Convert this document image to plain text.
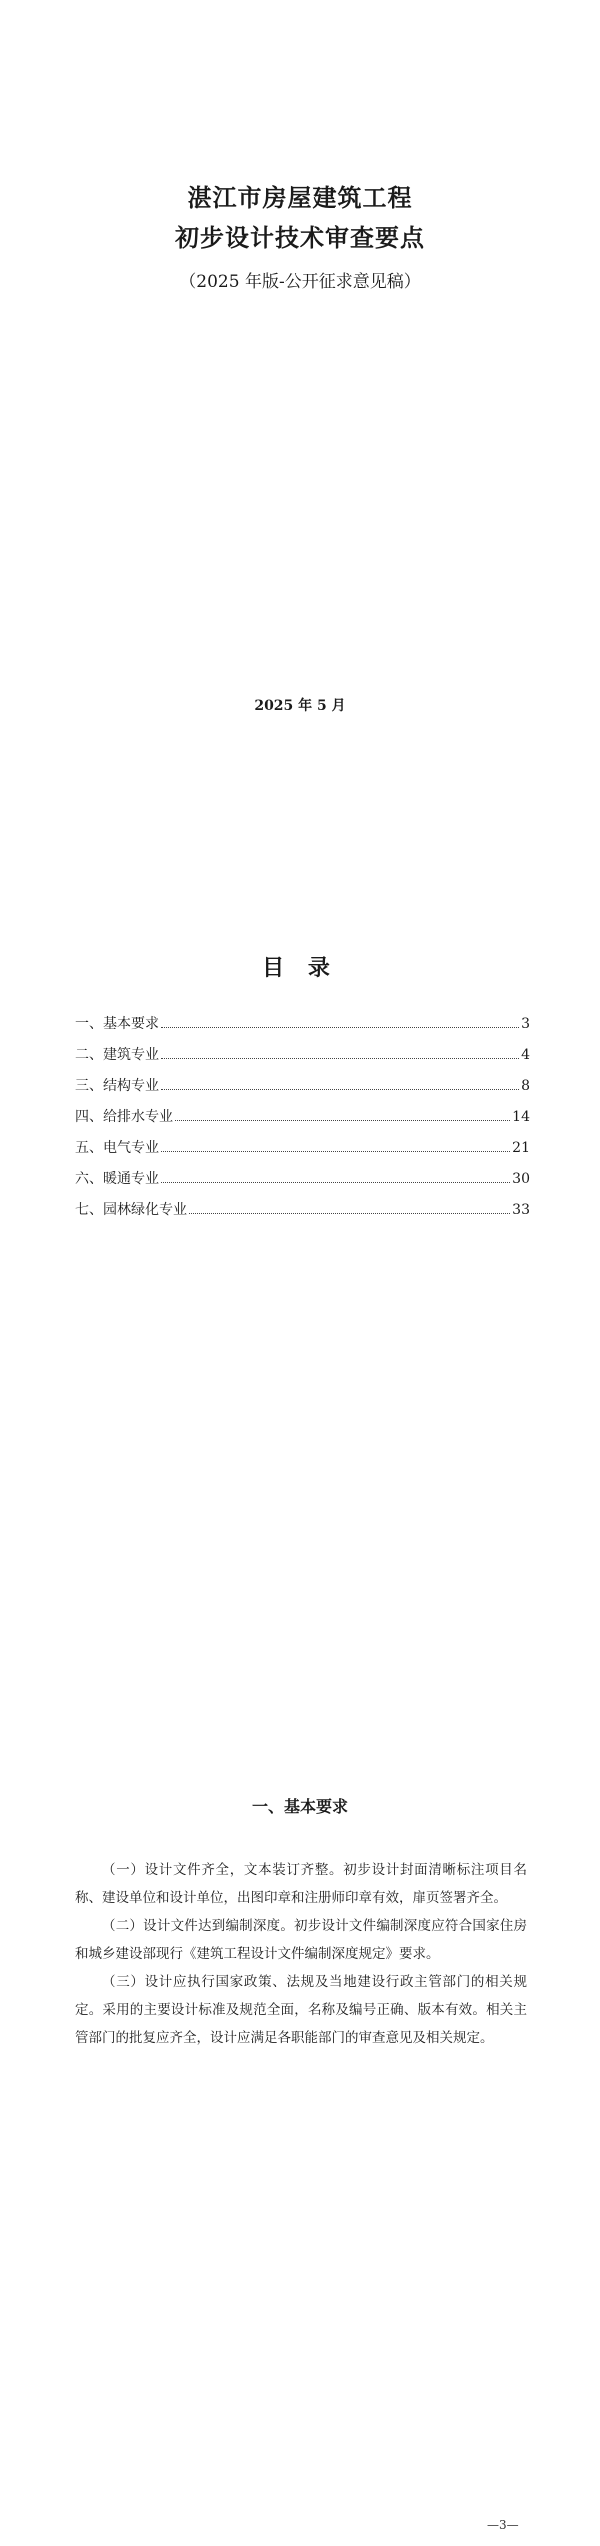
湛江市房屋建筑工程
初步设计技术审查要点
（2025 年版-公开征求意见稿）
2025 年 5 月
目 录
一、基本要求	3
二、建筑专业	4
三、结构专业	8
四、给排水专业	14
五、电气专业	21
六、暖通专业	30
七、园林绿化专业	33
一、基本要求

（一）设计文件齐全，文本装订齐整。初步设计封面清晰标注项目名称、建设单位和设计单位，出图印章和注册师印章有效，扉页签署齐全。

（二）设计文件达到编制深度。初步设计文件编制深度应符合国家住房和城乡建设部现行《建筑工程设计文件编制深度规定》要求。

（三）设计应执行国家政策、法规及当地建设行政主管部门的相关规定。采用的主要设计标准及规范全面，名称及编号正确、版本有效。相关主管部门的批复应齐全，设计应满足各职能部门的审查意见及相关规定。

—3—
